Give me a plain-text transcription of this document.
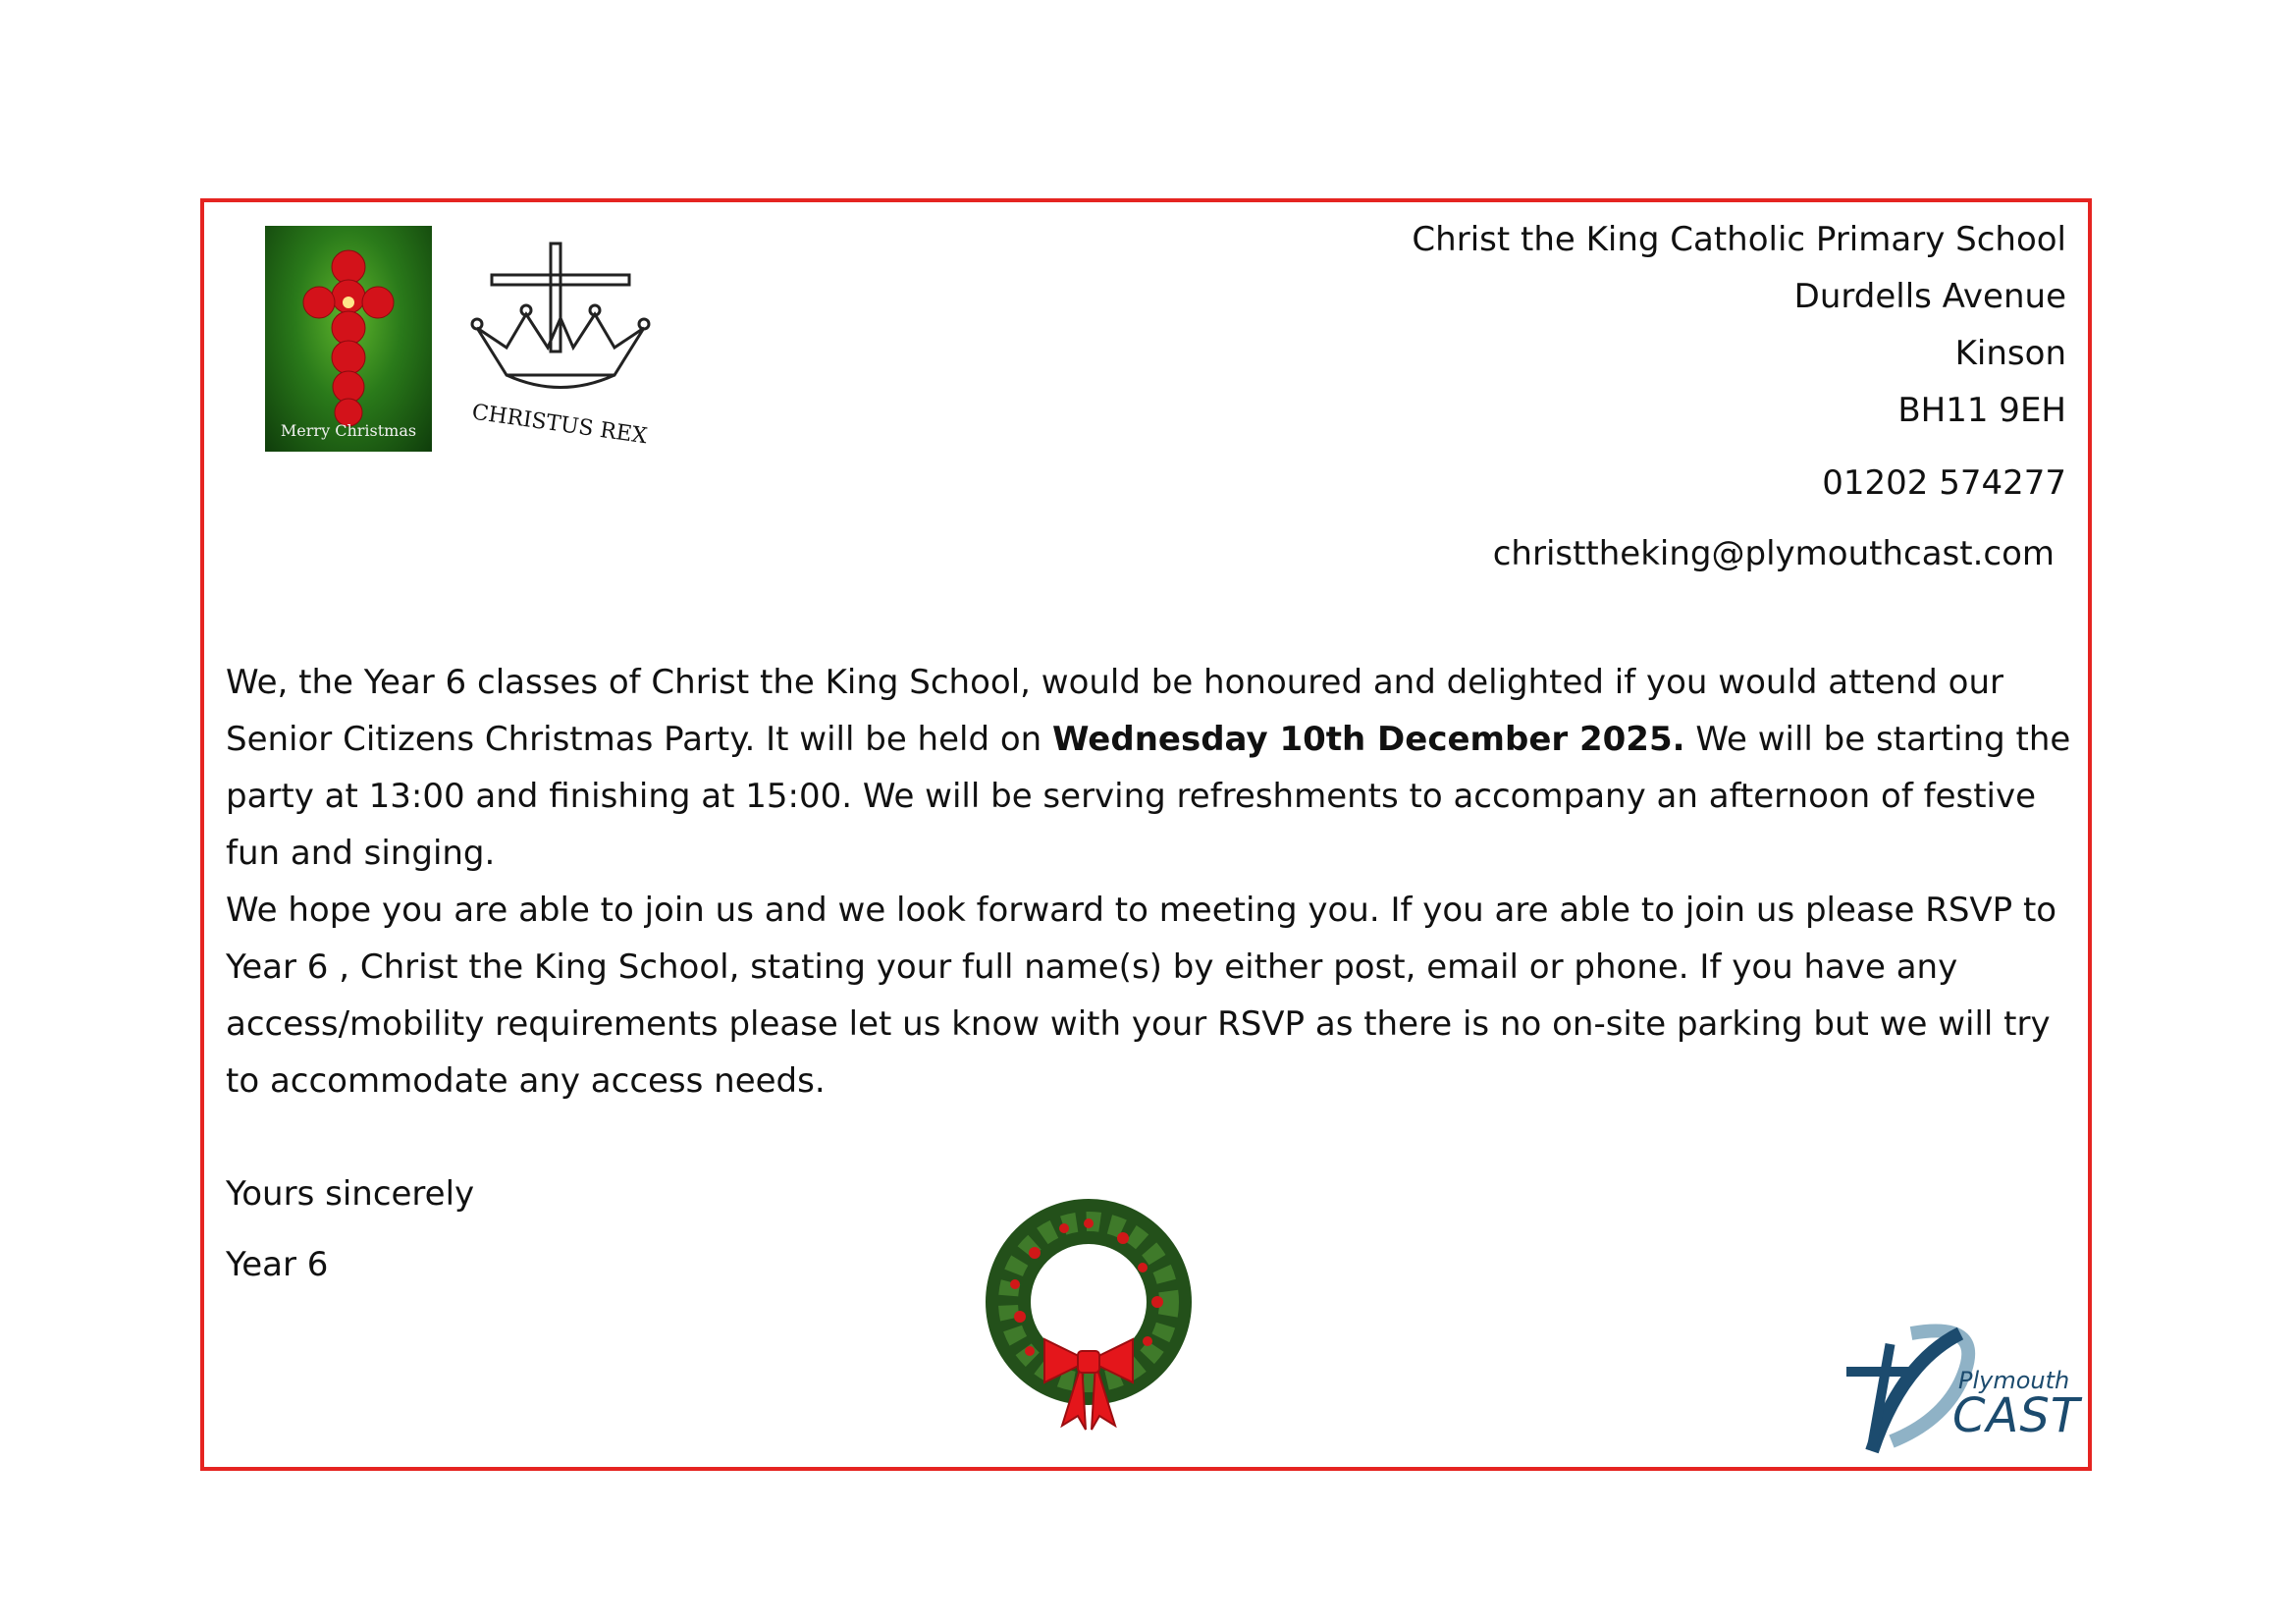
Merry Christmas	CHRISTUS REX
Christ the King Catholic Primary School
Durdells Avenue
Kinson
BH11 9EH
01202 574277
christtheking@plymouthcast.com
We, the Year 6 classes of Christ the King School, would be honoured and delighted if you would attend our Senior Citizens Christmas Party. It will be held on Wednesday 10th December 2025. We will be starting the party at 13:00 and finishing at 15:00. We will be serving refreshments to accompany an afternoon of festive fun and singing.
We hope you are able to join us and we look forward to meeting you. If you are able to join us please RSVP to Year 6 , Christ the King School, stating your full name(s) by either post, email or phone. If you have any access/mobility requirements please let us know with your RSVP as there is no on-site parking but we will try to accommodate any access needs.
Yours sincerely
Year 6
Plymouth
CAST
